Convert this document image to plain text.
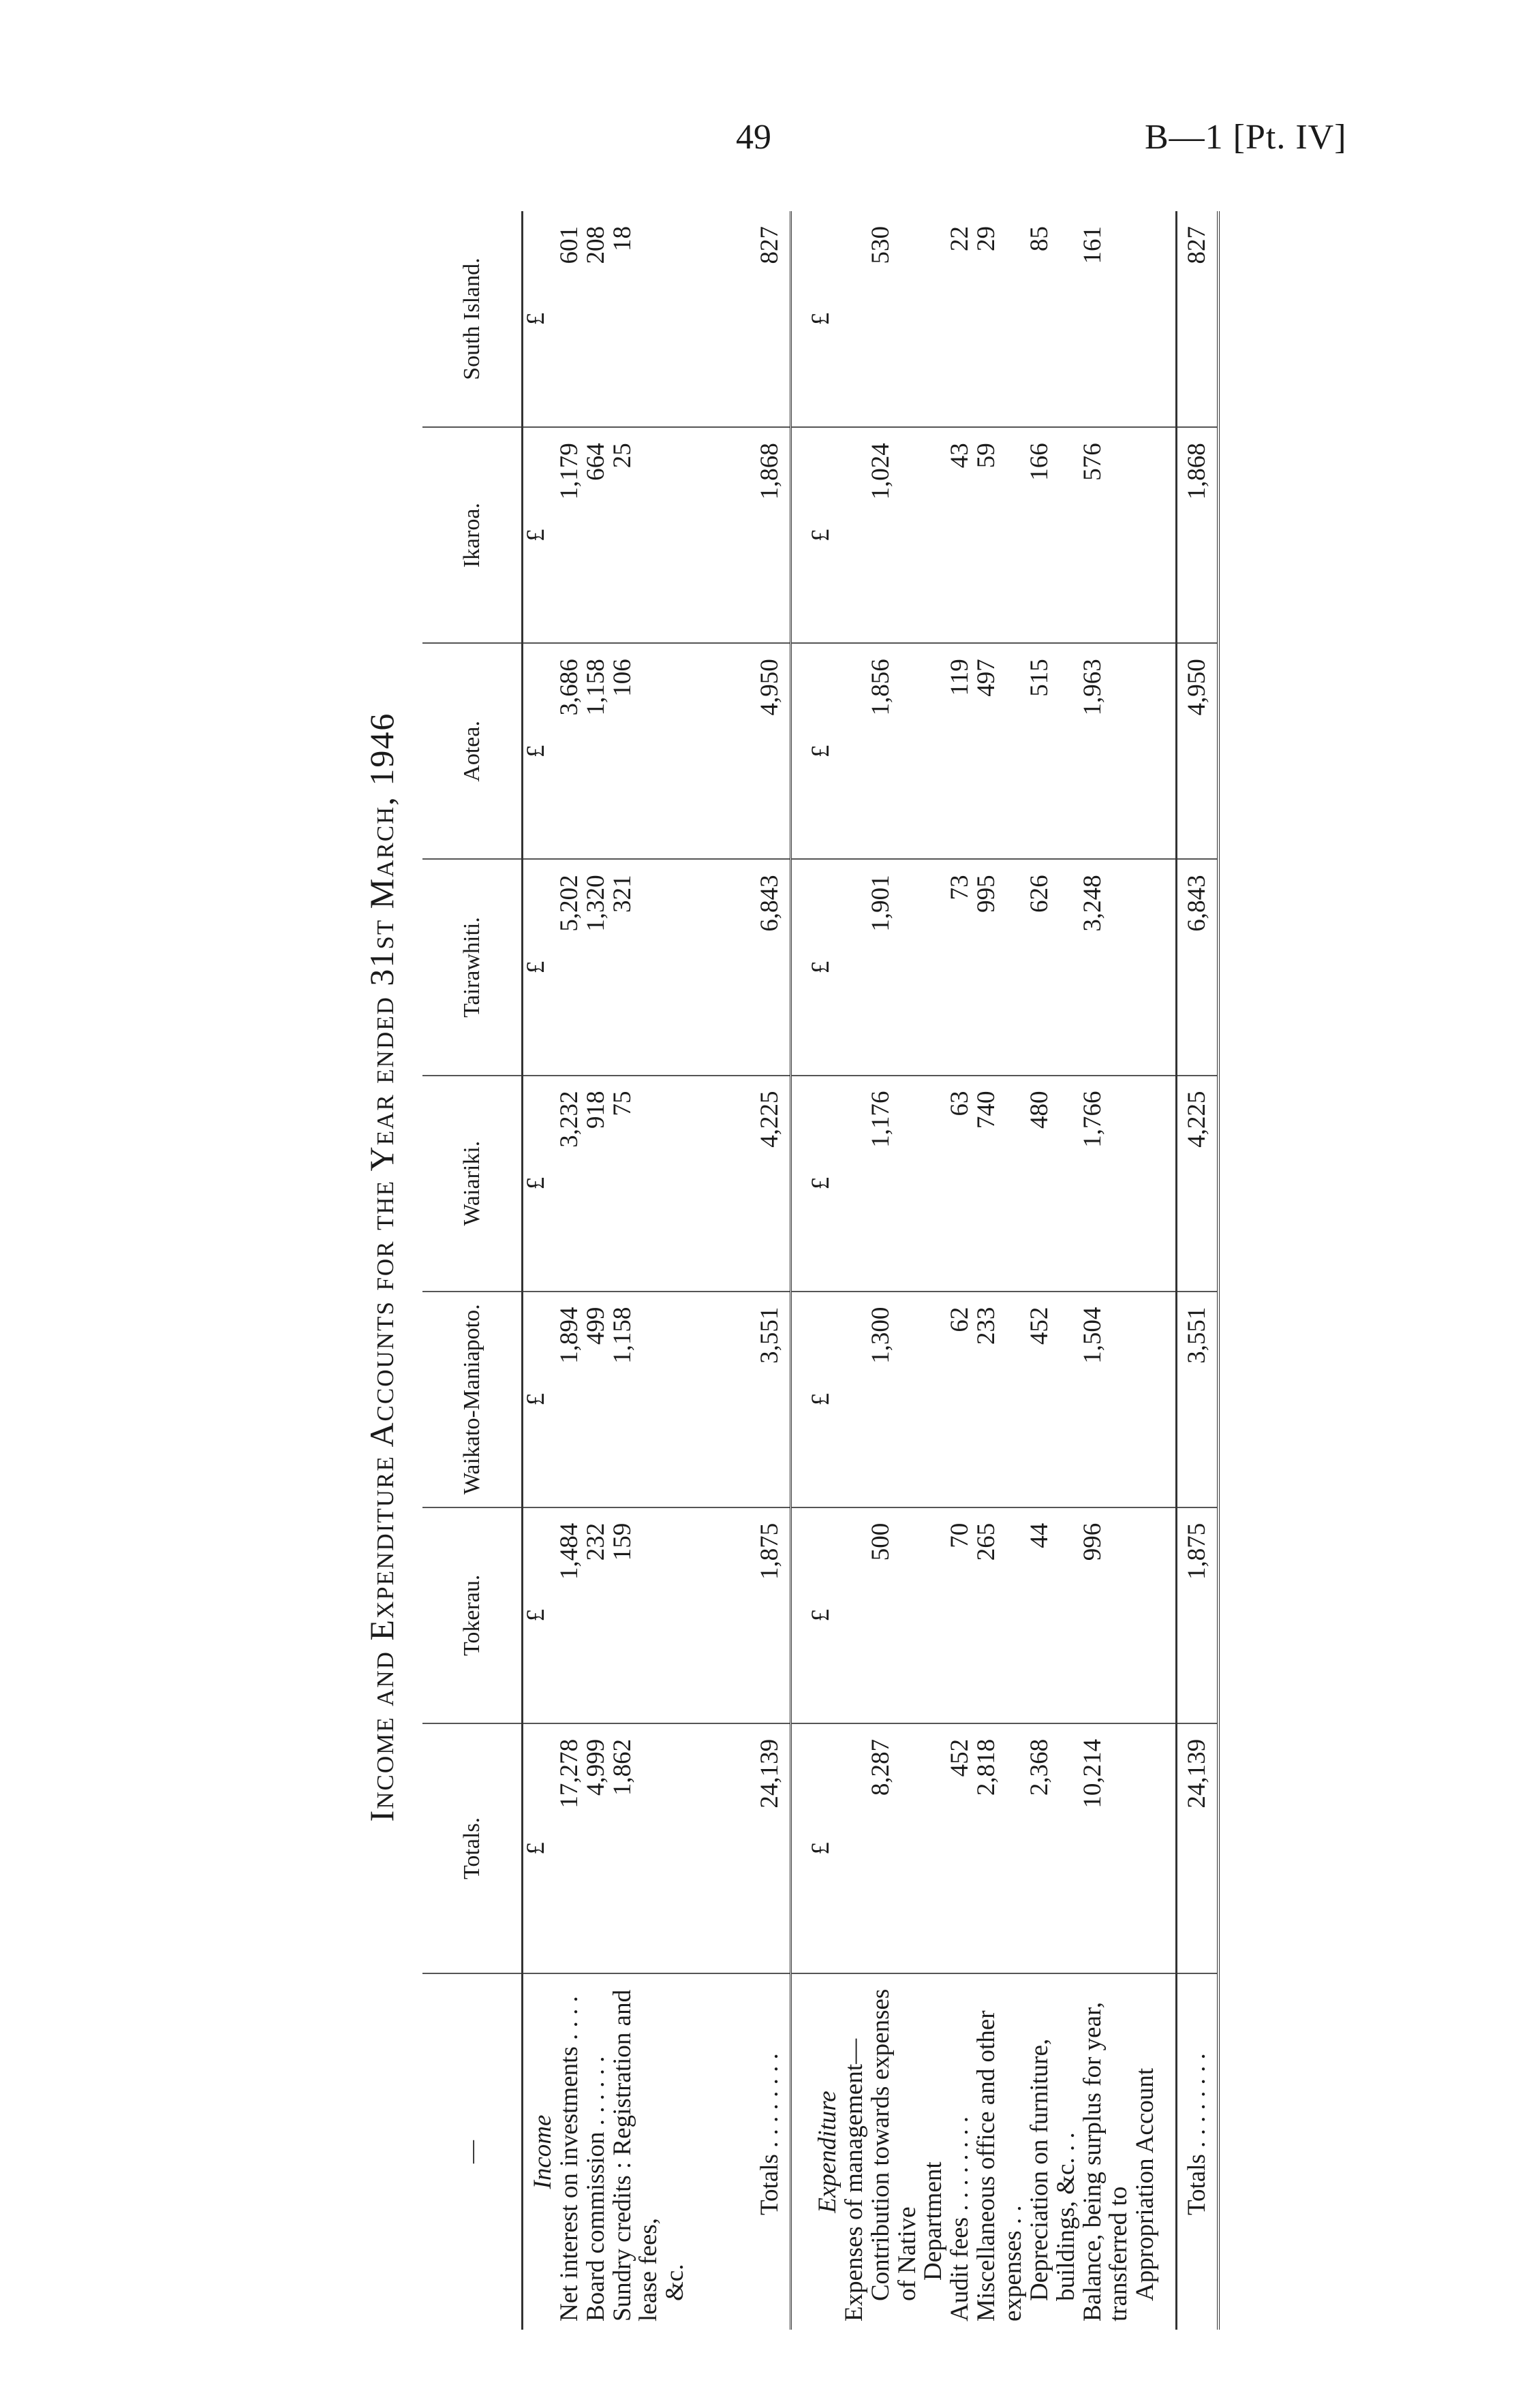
49	B—1 [Pt. IV]
Income and Expenditure Accounts for the Year ended 31st March, 1946
—	Totals.	Tokerau.	Waikato-Maniapoto.	Waiariki.	Tairawhiti.	Aotea.	Ikaroa.	South Island.
Income	£	£	£	£	£	£	£	£
Net interest on investments . . . .	17,278	1,484	1,894	3,232	5,202	3,686	1,179	601
Board commission . . . . . .	4,999	232	499	918	1,320	1,158	664	208
Sundry credits : Registration and lease fees,	1,862	159	1,158	75	321	106	25	18
&c.								

Totals . . . . . . . .	24,139	1,875	3,551	4,225	6,843	4,950	1,868	827

Expenditure	£	£	£	£	£	£	£	£
Expenses of management—								
Contribution towards expenses of Native	8,287	500	1,300	1,176	1,901	1,856	1,024	530
Department								
Audit fees . . . . . . . .	452	70	62	63	73	119	43	22
Miscellaneous office and other expenses . .	2,818	265	233	740	995	497	59	29
Depreciation on furniture, buildings, &c. . .	2,368	44	452	480	626	515	166	85
Balance, being surplus for year, transferred to	10,214	996	1,504	1,766	3,248	1,963	576	161
Appropriation Account								

Totals . . . . . . . .	24,139	1,875	3,551	4,225	6,843	4,950	1,868	827
